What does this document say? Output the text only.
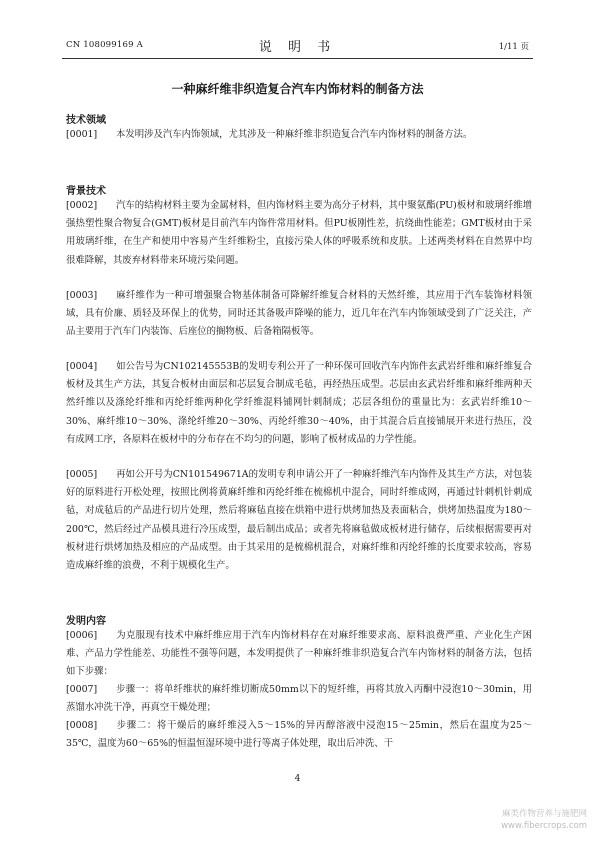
CN 108099169 A	说 明 书	1/11 页
一种麻纤维非织造复合汽车内饰材料的制备方法
技术领域
[0001] 本发明涉及汽车内饰领域，尤其涉及一种麻纤维非织造复合汽车内饰材料的制备方法。
背景技术
[0002] 汽车的结构材料主要为金属材料，但内饰材料主要为高分子材料，其中聚氨酯(PU)板材和玻璃纤维增强热塑性聚合物复合(GMT)板材是目前汽车内饰件常用材料。但PU板刚性差，抗绕曲性能差；GMT板材由于采用玻璃纤维，在生产和使用中容易产生纤维粉尘，直接污染人体的呼吸系统和皮肤。上述两类材料在自然界中均很难降解，其废弃材料带来环境污染问题。
[0003] 麻纤维作为一种可增强聚合物基体制备可降解纤维复合材料的天然纤维，其应用于汽车装饰材料领域，具有价廉、质轻及环保上的优势，同时还其备吸声降噪的能力，近几年在汽车内饰领域受到了广泛关注，产品主要用于汽车门内装饰、后座位的搁物板、后备箱隔板等。
[0004] 如公告号为CN102145553B的发明专利公开了一种环保可回收汽车内饰件玄武岩纤维和麻纤维复合板材及其生产方法，其复合板材由面层和芯层复合制成毛毡，再经热压成型。芯层由玄武岩纤维和麻纤维两种天然纤维以及涤纶纤维和丙纶纤维两种化学纤维混料铺网针刺制成；芯层各组份的重量比为：玄武岩纤维10～30%、麻纤维10～30%、涤纶纤维20～30%、丙纶纤维30～40%，由于其混合后直接铺展开来进行热压，没有成网工序，各原料在板材中的分布存在不均匀的问题，影响了板材成品的力学性能。
[0005] 再如公开号为CN101549671A的发明专利申请公开了一种麻纤维汽车内饰件及其生产方法，对包装好的原料进行开松处理，按照比例将黄麻纤维和丙纶纤维在梳棉机中混合，同时纤维成网，再通过针刺机针刺成毡，对成毡后的产品进行切片处理，然后将麻毡直接在烘箱中进行烘烤加热及表面粘合，烘烤加热温度为180～200℃，然后经过产品模具进行冷压成型，最后制出成品；或者先将麻毡做成板材进行储存，后续根据需要再对板材进行烘烤加热及相应的产品成型。由于其采用的是梳棉机混合，对麻纤维和丙纶纤维的长度要求较高，容易造成麻纤维的浪费，不利于规模化生产。
发明内容
[0006] 为克服现有技术中麻纤维应用于汽车内饰材料存在对麻纤维要求高、原料浪费严重、产业化生产困难、产品力学性能差、功能性不强等问题，本发明提供了一种麻纤维非织造复合汽车内饰材料的制备方法，包括如下步骤：
[0007] 步骤一：将单纤维状的麻纤维切断成50mm以下的短纤维，再将其放入丙酮中浸泡10～30min，用蒸馏水冲洗干净，再真空干燥处理；
[0008] 步骤二：将干燥后的麻纤维浸入5～15%的异丙醇溶液中浸泡15～25min，然后在温度为25～35℃，温度为60～65%的恒温恒湿环境中进行等离子体处理，取出后冲洗、干
4
麻类作物营养与施肥网
www.fibercrops.com
